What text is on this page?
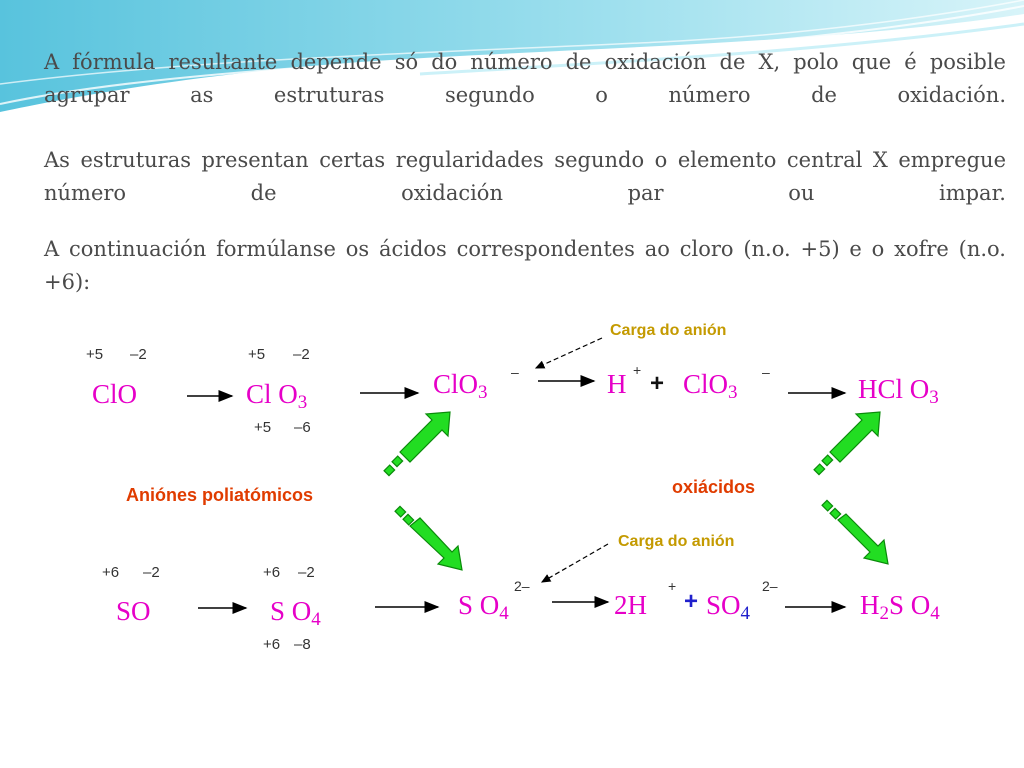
A fórmula resultante depende só do número de oxidación de X, polo que é posible agrupar as estruturas segundo o número de oxidación.

As estruturas presentan certas regularidades segundo o elemento central X empregue número de oxidación par ou impar.

A continuación formúlanse os ácidos correspondentes ao cloro (n.o. +5) e o xofre (n.o. +6):

Carga do anión
Carga do anión
Aniónes poliatómicos	oxiácidos
+5 –2	+5 –2
+5 –6
ClO	Cl O3
ClO3
–	H + + ClO3
–
HCl O3
+6 –2	+6 –2
+6 –8
SO	S O4	S O4
2–
2H
+
+ SO4
2–
H2S O4
